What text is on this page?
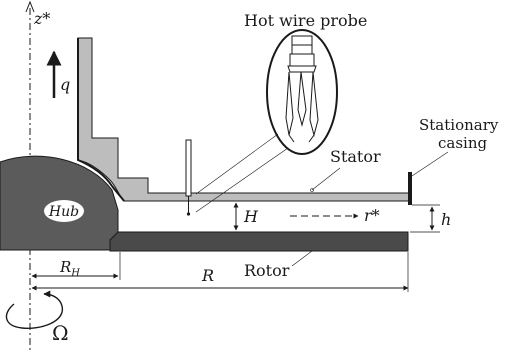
q
z*	Hot wire probe
Stator
Stationary
casing
Hub	H	r*	h
$R_H$	R Rotor
Ω
